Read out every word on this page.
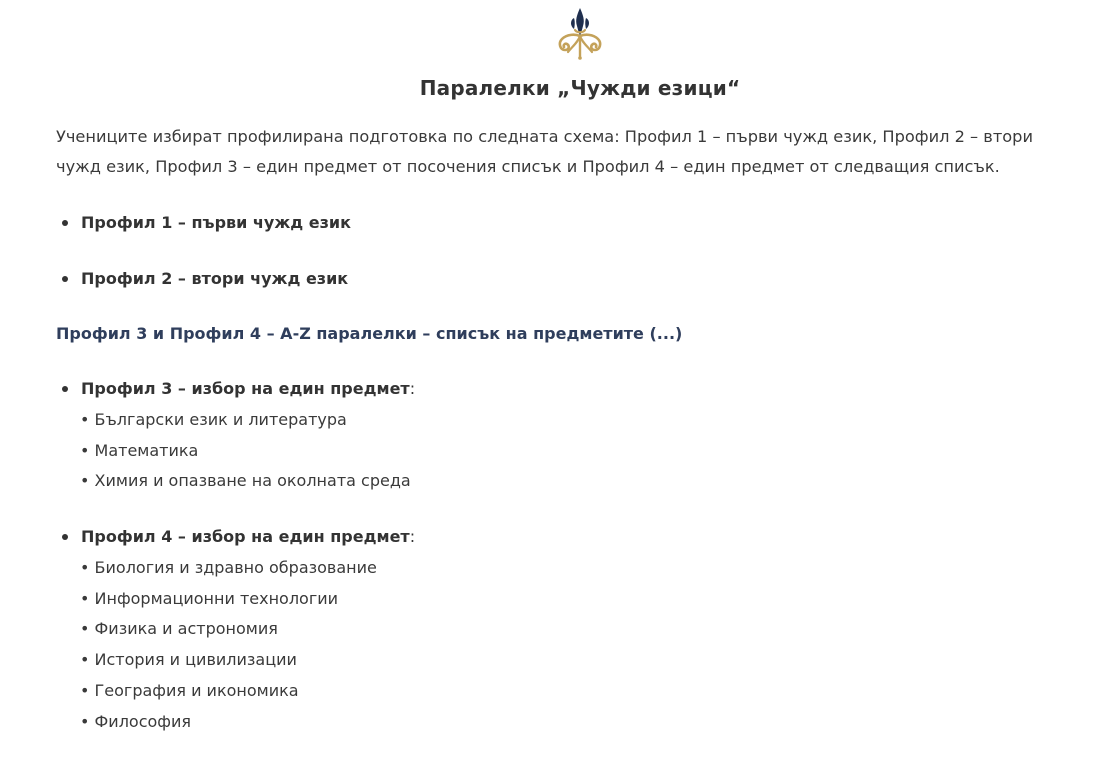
Паралелки „Чужди езици“

Учениците избират профилирана подготовка по следната схема: Профил 1 – първи чужд език, Профил 2 – втори чужд език, Профил 3 – един предмет от посочения списък и Профил 4 – един предмет от следващия списък.

Профил 1 – първи чужд език
Профил 2 – втори чужд език
Профил 3 и Профил 4 – A-Z паралелки – списък на предметите (...)
Профил 3 – избор на един предмет:
• Български език и литература
• Математика
• Химия и опазване на околната среда
Профил 4 – избор на един предмет:
• Биология и здравно образование
• Информационни технологии
• Физика и астрономия
• История и цивилизации
• География и икономика
• Философия
